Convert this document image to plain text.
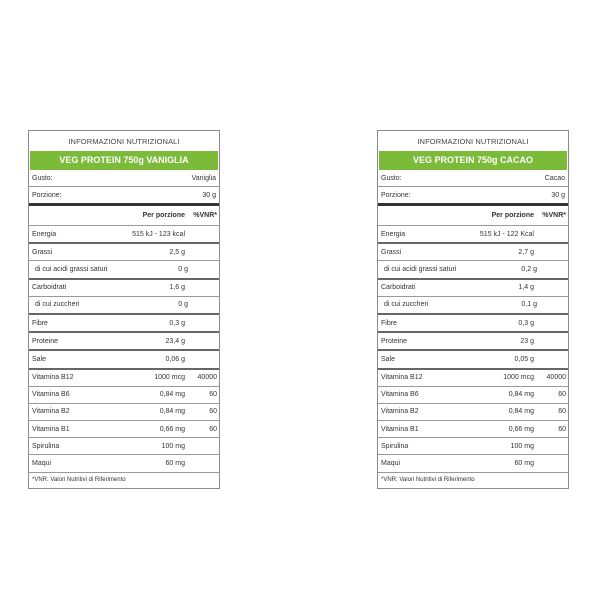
INFORMAZIONI NUTRIZIONALI
VEG PROTEIN 750g VANIGLIA
Gusto:	Vaniglia
Porzione:	30 g
Per porzione	%VNR*
Energia	515 kJ - 123 kcal
Grassi	2,5 g
di cui acidi grassi saturi	0 g
Carboidrati	1,6 g
di cui zuccheri	0 g
Fibre	0,3 g
Proteine	23,4 g
Sale	0,06 g
Vitamina B12	1000 mcg	40000
Vitamina B6	0,84 mg	60
Vitamina B2	0,84 mg	60
Vitamina B1	0,66 mg	60
Spirulina	100 mg
Maqui	60 mg
*VNR: Valori Nutritivi di Riferimento
INFORMAZIONI NUTRIZIONALI
VEG PROTEIN 750g CACAO
Gusto:	Cacao
Porzione:	30 g
Per porzione	%VNR*
Energia	515 kJ - 122 Kcal
Grassi	2,7 g
di cui acidi grassi saturi	0,2 g
Carboidrati	1,4 g
di cui zuccheri	0,1 g
Fibre	0,3 g
Proteine	23 g
Sale	0,05 g
Vitamina B12	1000 mcg	40000
Vitamina B6	0,84 mg	60
Vitamina B2	0,84 mg	60
Vitamina B1	0,66 mg	60
Spirulina	100 mg
Maqui	60 mg
*VNR: Valori Nutritivi di Riferimento
